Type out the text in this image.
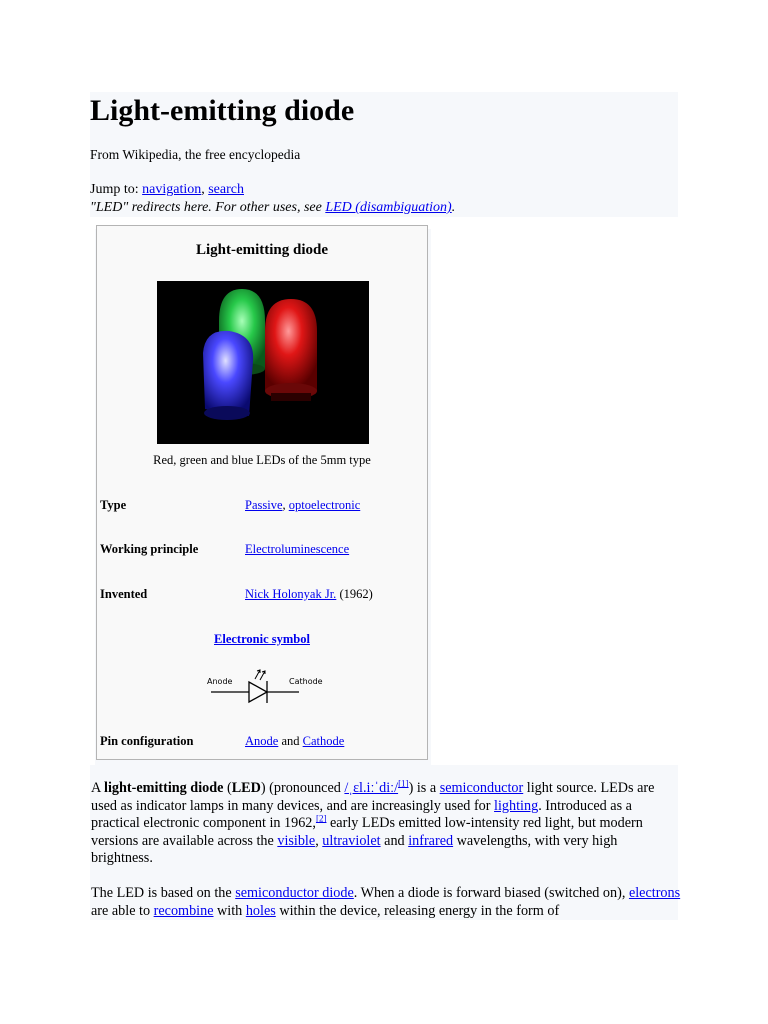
Light-emitting diode
From Wikipedia, the free encyclopedia
Jump to: navigation, search
"LED" redirects here. For other uses, see LED (disambiguation).
Light-emitting diode
Red, green and blue LEDs of the 5mm type
Type	Passive, optoelectronic
Working principle	Electroluminescence
Invented	Nick Holonyak Jr. (1962)
Electronic symbol
Anode	Cathode
Pin configuration	Anode and Cathode

A light-emitting diode (LED) (pronounced /ˌɛl.iːˈdiː/[1]) is a semiconductor light source. LEDs are used as indicator lamps in many devices, and are increasingly used for lighting. Introduced as a practical electronic component in 1962,[2] early LEDs emitted low-intensity red light, but modern versions are available across the visible, ultraviolet and infrared wavelengths, with very high brightness.

The LED is based on the semiconductor diode. When a diode is forward biased (switched on), electrons are able to recombine with holes within the device, releasing energy in the form of
